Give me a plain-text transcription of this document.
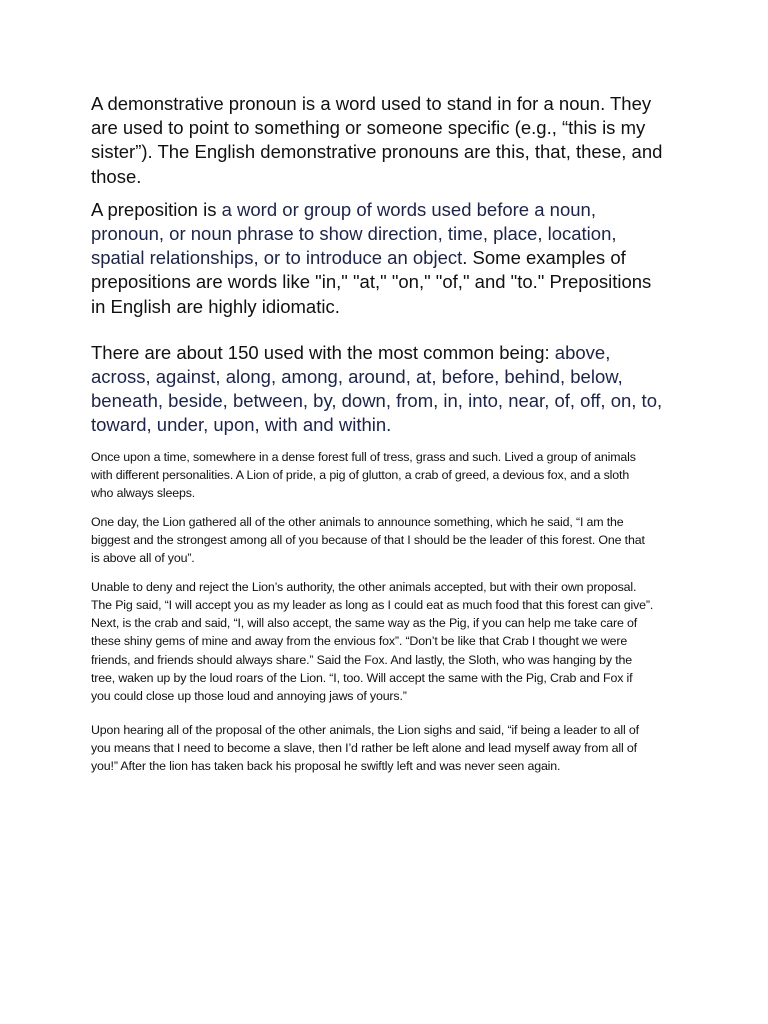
A demonstrative pronoun is a word used to stand in for a noun. They
are used to point to something or someone specific (e.g., “this is my
sister”). The English demonstrative pronouns are this, that, these, and
those.

A preposition is a word or group of words used before a noun,
pronoun, or noun phrase to show direction, time, place, location,
spatial relationships, or to introduce an object. Some examples of
prepositions are words like "in," "at," "on," "of," and "to." Prepositions
in English are highly idiomatic.

There are about 150 used with the most common being: above,
across, against, along, among, around, at, before, behind, below,
beneath, beside, between, by, down, from, in, into, near, of, off, on, to,
toward, under, upon, with and within.

Once upon a time, somewhere in a dense forest full of tress, grass and such. Lived a group of animals
with different personalities. A Lion of pride, a pig of glutton, a crab of greed, a devious fox, and a sloth
who always sleeps.

One day, the Lion gathered all of the other animals to announce something, which he said, “I am the
biggest and the strongest among all of you because of that I should be the leader of this forest. One that
is above all of you”.

Unable to deny and reject the Lion’s authority, the other animals accepted, but with their own proposal.
The Pig said, “I will accept you as my leader as long as I could eat as much food that this forest can give”.
Next, is the crab and said, “I, will also accept, the same way as the Pig, if you can help me take care of
these shiny gems of mine and away from the envious fox”. “Don’t be like that Crab I thought we were
friends, and friends should always share.” Said the Fox. And lastly, the Sloth, who was hanging by the
tree, waken up by the loud roars of the Lion. “I, too. Will accept the same with the Pig, Crab and Fox if
you could close up those loud and annoying jaws of yours.”

Upon hearing all of the proposal of the other animals, the Lion sighs and said, “if being a leader to all of
you means that I need to become a slave, then I’d rather be left alone and lead myself away from all of
you!” After the lion has taken back his proposal he swiftly left and was never seen again.
